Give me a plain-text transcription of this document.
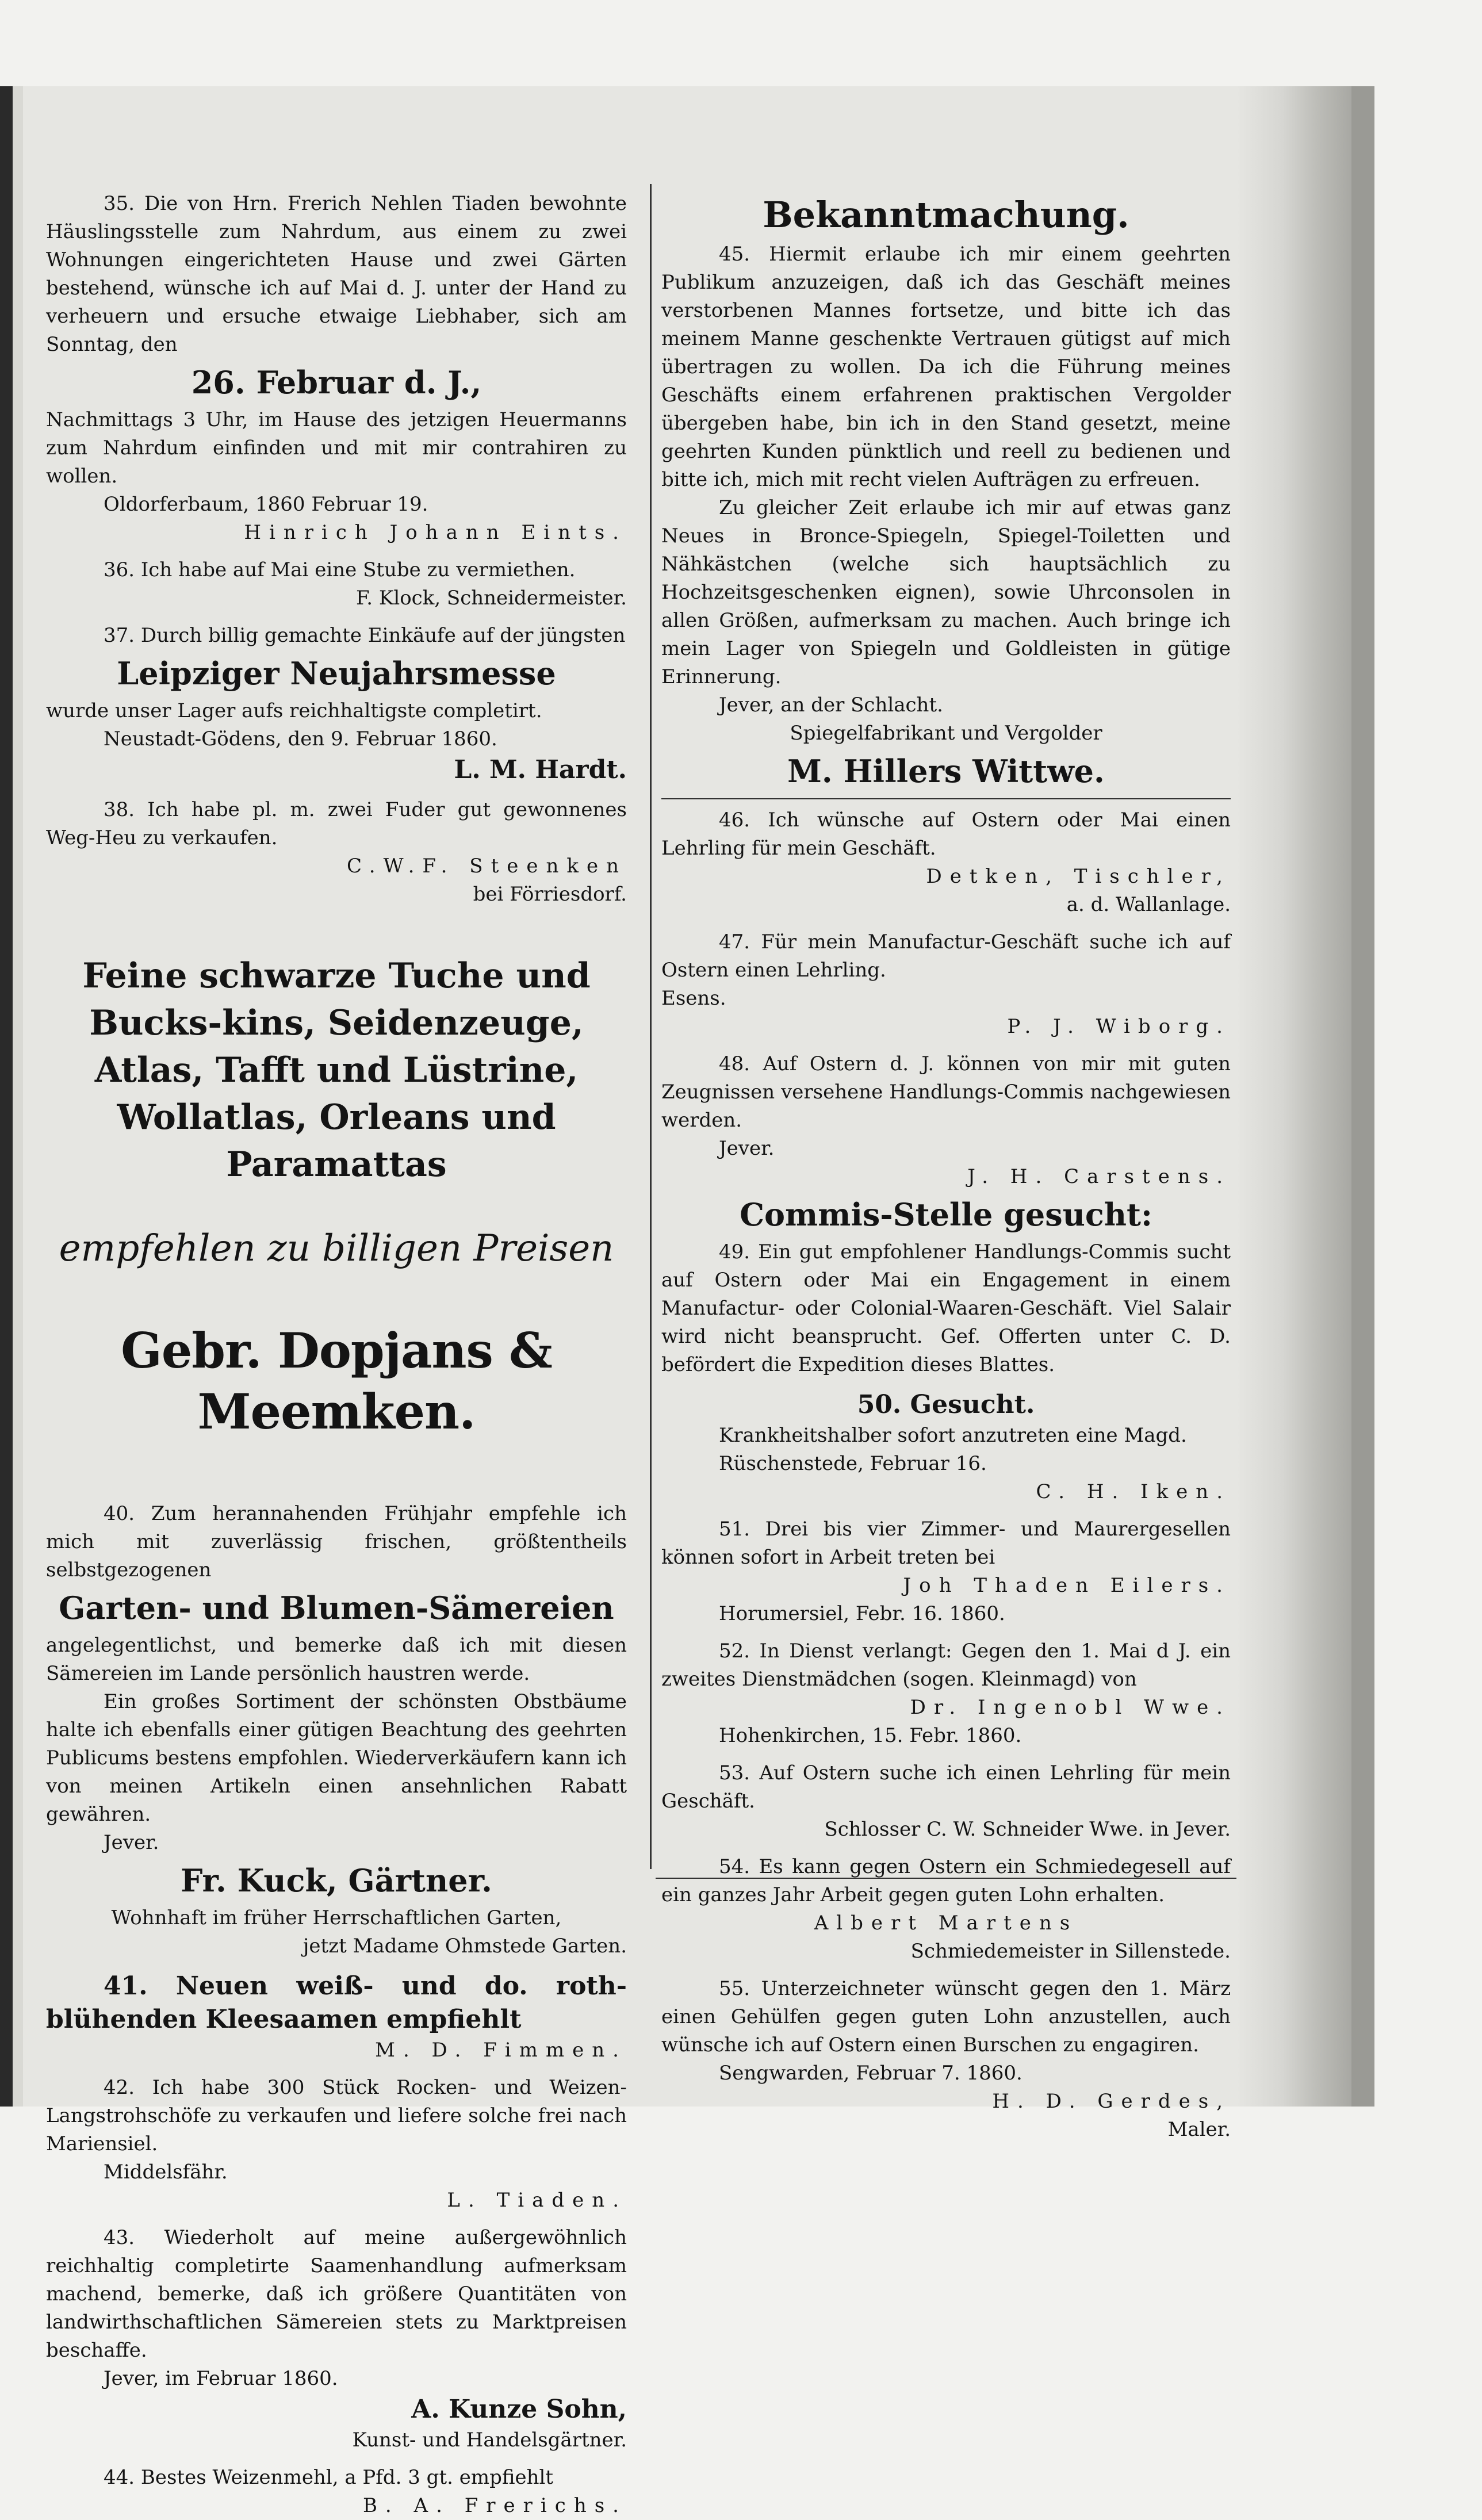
35. Die von Hrn. Frerich Nehlen Tiaden bewohnte Häuslingsstelle zum Nahrdum, aus einem zu zwei Wohnungen eingerichteten Hause und zwei Gärten bestehend, wünsche ich auf Mai d. J. unter der Hand zu verheuern und ersuche etwaige Liebhaber, sich am Sonntag, den

26. Februar d. J.,

Nachmittags 3 Uhr, im Hause des jetzigen Heuermanns zum Nahrdum einfinden und mit mir contrahiren zu wollen.

Oldorferbaum, 1860 Februar 19.

Hinrich Johann Eints.

36. Ich habe auf Mai eine Stube zu vermiethen.

F. Klock, Schneidermeister.

37. Durch billig gemachte Einkäufe auf der jüngsten

Leipziger Neujahrsmesse

wurde unser Lager aufs reichhaltigste completirt.

Neustadt-Gödens, den 9. Februar 1860.

L. M. Hardt.

38. Ich habe pl. m. zwei Fuder gut gewonnenes Weg-Heu zu verkaufen.

C.W.F. Steenken

bei Förriesdorf.

Feine schwarze Tuche und Bucks-kins, Seidenzeuge, Atlas, Tafft und Lüstrine, Wollatlas, Orleans und Paramattas

empfehlen zu billigen Preisen

Gebr. Dopjans & Meemken.

40. Zum herannahenden Frühjahr empfehle ich mich mit zuverlässig frischen, größtentheils selbstgezogenen

Garten- und Blumen-Sämereien

angelegentlichst, und bemerke daß ich mit diesen Sämereien im Lande persönlich haustren werde.

Ein großes Sortiment der schönsten Obstbäume halte ich ebenfalls einer gütigen Beachtung des geehrten Publicums bestens empfohlen. Wiederverkäufern kann ich von meinen Artikeln einen ansehnlichen Rabatt gewähren.

Jever.

Fr. Kuck, Gärtner.

Wohnhaft im früher Herrschaftlichen Garten,

jetzt Madame Ohmstede Garten.

41. Neuen weiß- und do. roth-blühenden Kleesaamen empfiehlt

M. D. Fimmen.

42. Ich habe 300 Stück Rocken- und Weizen-Langstrohschöfe zu verkaufen und liefere solche frei nach Mariensiel.

Middelsfähr.

L. Tiaden.

43. Wiederholt auf meine außergewöhnlich reichhaltig completirte Saamenhandlung aufmerksam machend, bemerke, daß ich größere Quantitäten von landwirthschaftlichen Sämereien stets zu Marktpreisen beschaffe.

Jever, im Februar 1860.

A. Kunze Sohn,

Kunst- und Handelsgärtner.

44. Bestes Weizenmehl, a Pfd. 3 gt. empfiehlt

B. A. Frerichs.

Bekanntmachung.

45. Hiermit erlaube ich mir einem geehrten Publikum anzuzeigen, daß ich das Geschäft meines verstorbenen Mannes fortsetze, und bitte ich das meinem Manne geschenkte Vertrauen gütigst auf mich übertragen zu wollen. Da ich die Führung meines Geschäfts einem erfahrenen praktischen Vergolder übergeben habe, bin ich in den Stand gesetzt, meine geehrten Kunden pünktlich und reell zu bedienen und bitte ich, mich mit recht vielen Aufträgen zu erfreuen.

Zu gleicher Zeit erlaube ich mir auf etwas ganz Neues in Bronce-Spiegeln, Spiegel-Toiletten und Nähkästchen (welche sich hauptsächlich zu Hochzeitsgeschenken eignen), sowie Uhrconsolen in allen Größen, aufmerksam zu machen. Auch bringe ich mein Lager von Spiegeln und Goldleisten in gütige Erinnerung.

Jever, an der Schlacht.

Spiegelfabrikant und Vergolder

M. Hillers Wittwe.

46. Ich wünsche auf Ostern oder Mai einen Lehrling für mein Geschäft.

Detken, Tischler,

a. d. Wallanlage.

47. Für mein Manufactur-Geschäft suche ich auf Ostern einen Lehrling.

Esens.

P. J. Wiborg.

48. Auf Ostern d. J. können von mir mit guten Zeugnissen versehene Handlungs-Commis nachgewiesen werden.

Jever.

J. H. Carstens.

Commis-Stelle gesucht:

49. Ein gut empfohlener Handlungs-Commis sucht auf Ostern oder Mai ein Engagement in einem Manufactur- oder Colonial-Waaren-Geschäft. Viel Salair wird nicht beansprucht. Gef. Offerten unter C. D. befördert die Expedition dieses Blattes.

50. Gesucht.

Krankheitshalber sofort anzutreten eine Magd.

Rüschenstede, Februar 16.

C. H. Iken.

51. Drei bis vier Zimmer- und Maurergesellen können sofort in Arbeit treten bei

Joh Thaden Eilers.

Horumersiel, Febr. 16. 1860.

52. In Dienst verlangt: Gegen den 1. Mai d J. ein zweites Dienstmädchen (sogen. Kleinmagd) von

Dr. Ingenobl Wwe.

Hohenkirchen, 15. Febr. 1860.

53. Auf Ostern suche ich einen Lehrling für mein Geschäft.

Schlosser C. W. Schneider Wwe. in Jever.

54. Es kann gegen Ostern ein Schmiedegesell auf ein ganzes Jahr Arbeit gegen guten Lohn erhalten.

Albert Martens

Schmiedemeister in Sillenstede.

55. Unterzeichneter wünscht gegen den 1. März einen Gehülfen gegen guten Lohn anzustellen, auch wünsche ich auf Ostern einen Burschen zu engagiren.

Sengwarden, Februar 7. 1860.

H. D. Gerdes,

Maler.
